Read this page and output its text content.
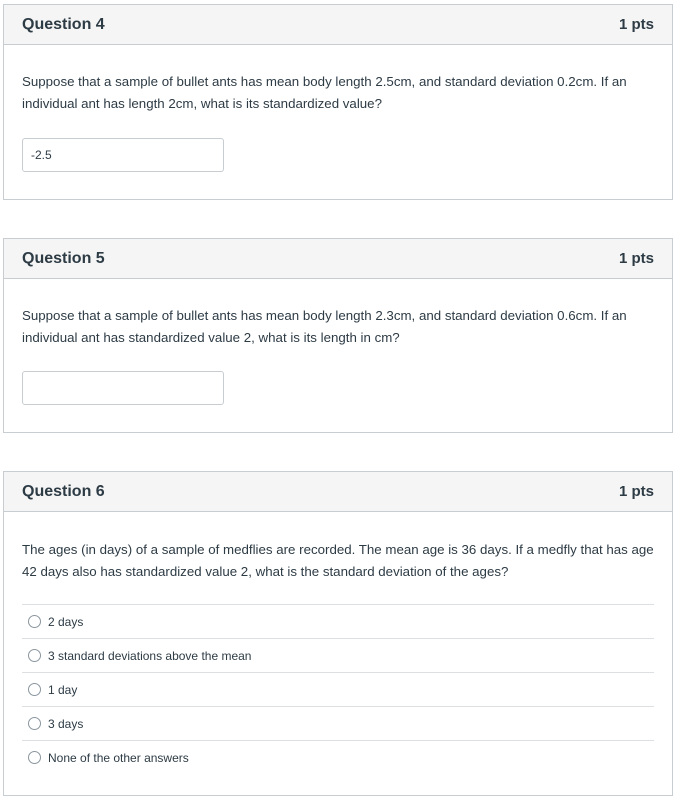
Question 4	1 pts

Suppose that a sample of bullet ants has mean body length 2.5cm, and standard deviation 0.2cm. If an individual ant has length 2cm, what is its standardized value?

-2.5
Question 5	1 pts

Suppose that a sample of bullet ants has mean body length 2.3cm, and standard deviation 0.6cm. If an individual ant has standardized value 2, what is its length in cm?

Question 6	1 pts

The ages (in days) of a sample of medflies are recorded. The mean age is 36 days. If a medfly that has age 42 days also has standardized value 2, what is the standard deviation of the ages?

2 days
3 standard deviations above the mean
1 day
3 days
None of the other answers
